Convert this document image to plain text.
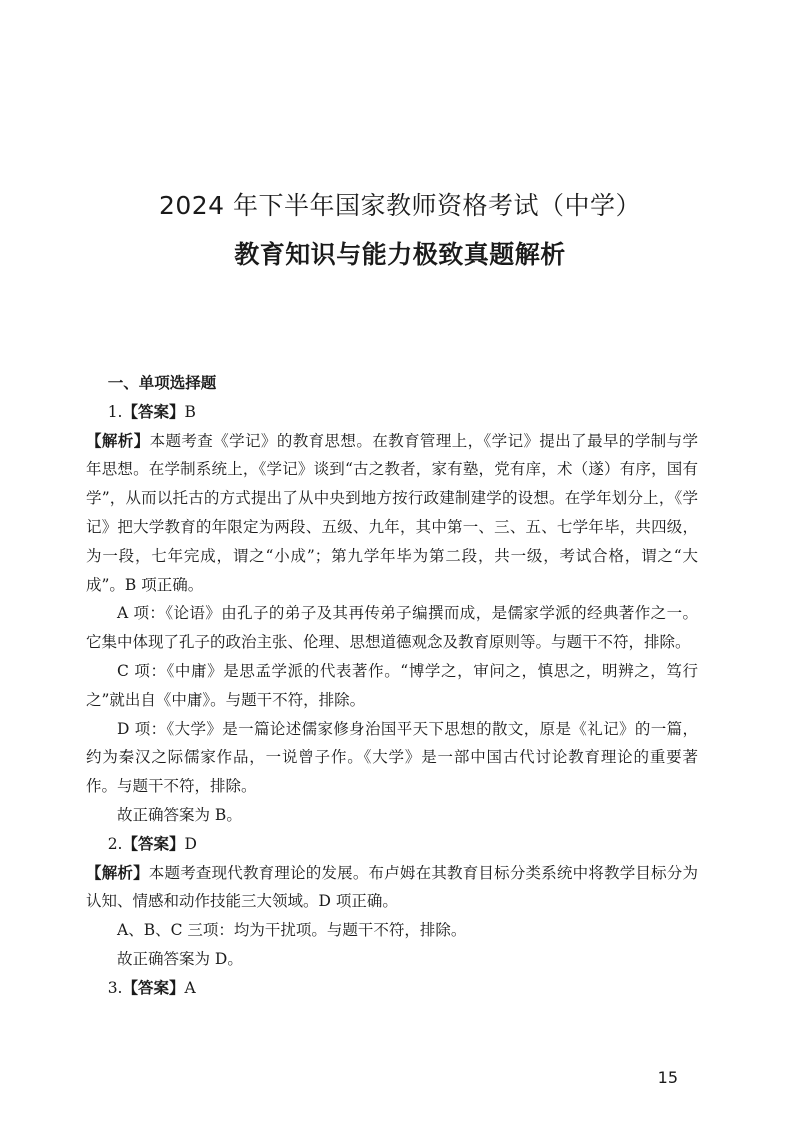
2024 年下半年国家教师资格考试（中学）
教育知识与能力极致真题解析
一、单项选择题
1.【答案】B

【解析】本题考查《学记》的教育思想。在教育管理上，《学记》提出了最早的学制与学年思想。在学制系统上，《学记》谈到“古之教者，家有塾，党有庠，术（遂）有序，国有学”，从而以托古的方式提出了从中央到地方按行政建制建学的设想。在学年划分上，《学记》把大学教育的年限定为两段、五级、九年，其中第一、三、五、七学年毕，共四级，为一段，七年完成，谓之“小成”；第九学年毕为第二段，共一级，考试合格，谓之“大成”。B 项正确。

A 项：《论语》由孔子的弟子及其再传弟子编撰而成，是儒家学派的经典著作之一。它集中体现了孔子的政治主张、伦理、思想道德观念及教育原则等。与题干不符，排除。

C 项：《中庸》是思孟学派的代表著作。“博学之，审问之，慎思之，明辨之，笃行之”就出自《中庸》。与题干不符，排除。

D 项：《大学》是一篇论述儒家修身治国平天下思想的散文，原是《礼记》的一篇，约为秦汉之际儒家作品，一说曾子作。《大学》是一部中国古代讨论教育理论的重要著作。与题干不符，排除。

故正确答案为 B。

2.【答案】D

【解析】本题考查现代教育理论的发展。布卢姆在其教育目标分类系统中将教学目标分为认知、情感和动作技能三大领域。D 项正确。

A、B、C 三项：均为干扰项。与题干不符，排除。

故正确答案为 D。

3.【答案】A
15
